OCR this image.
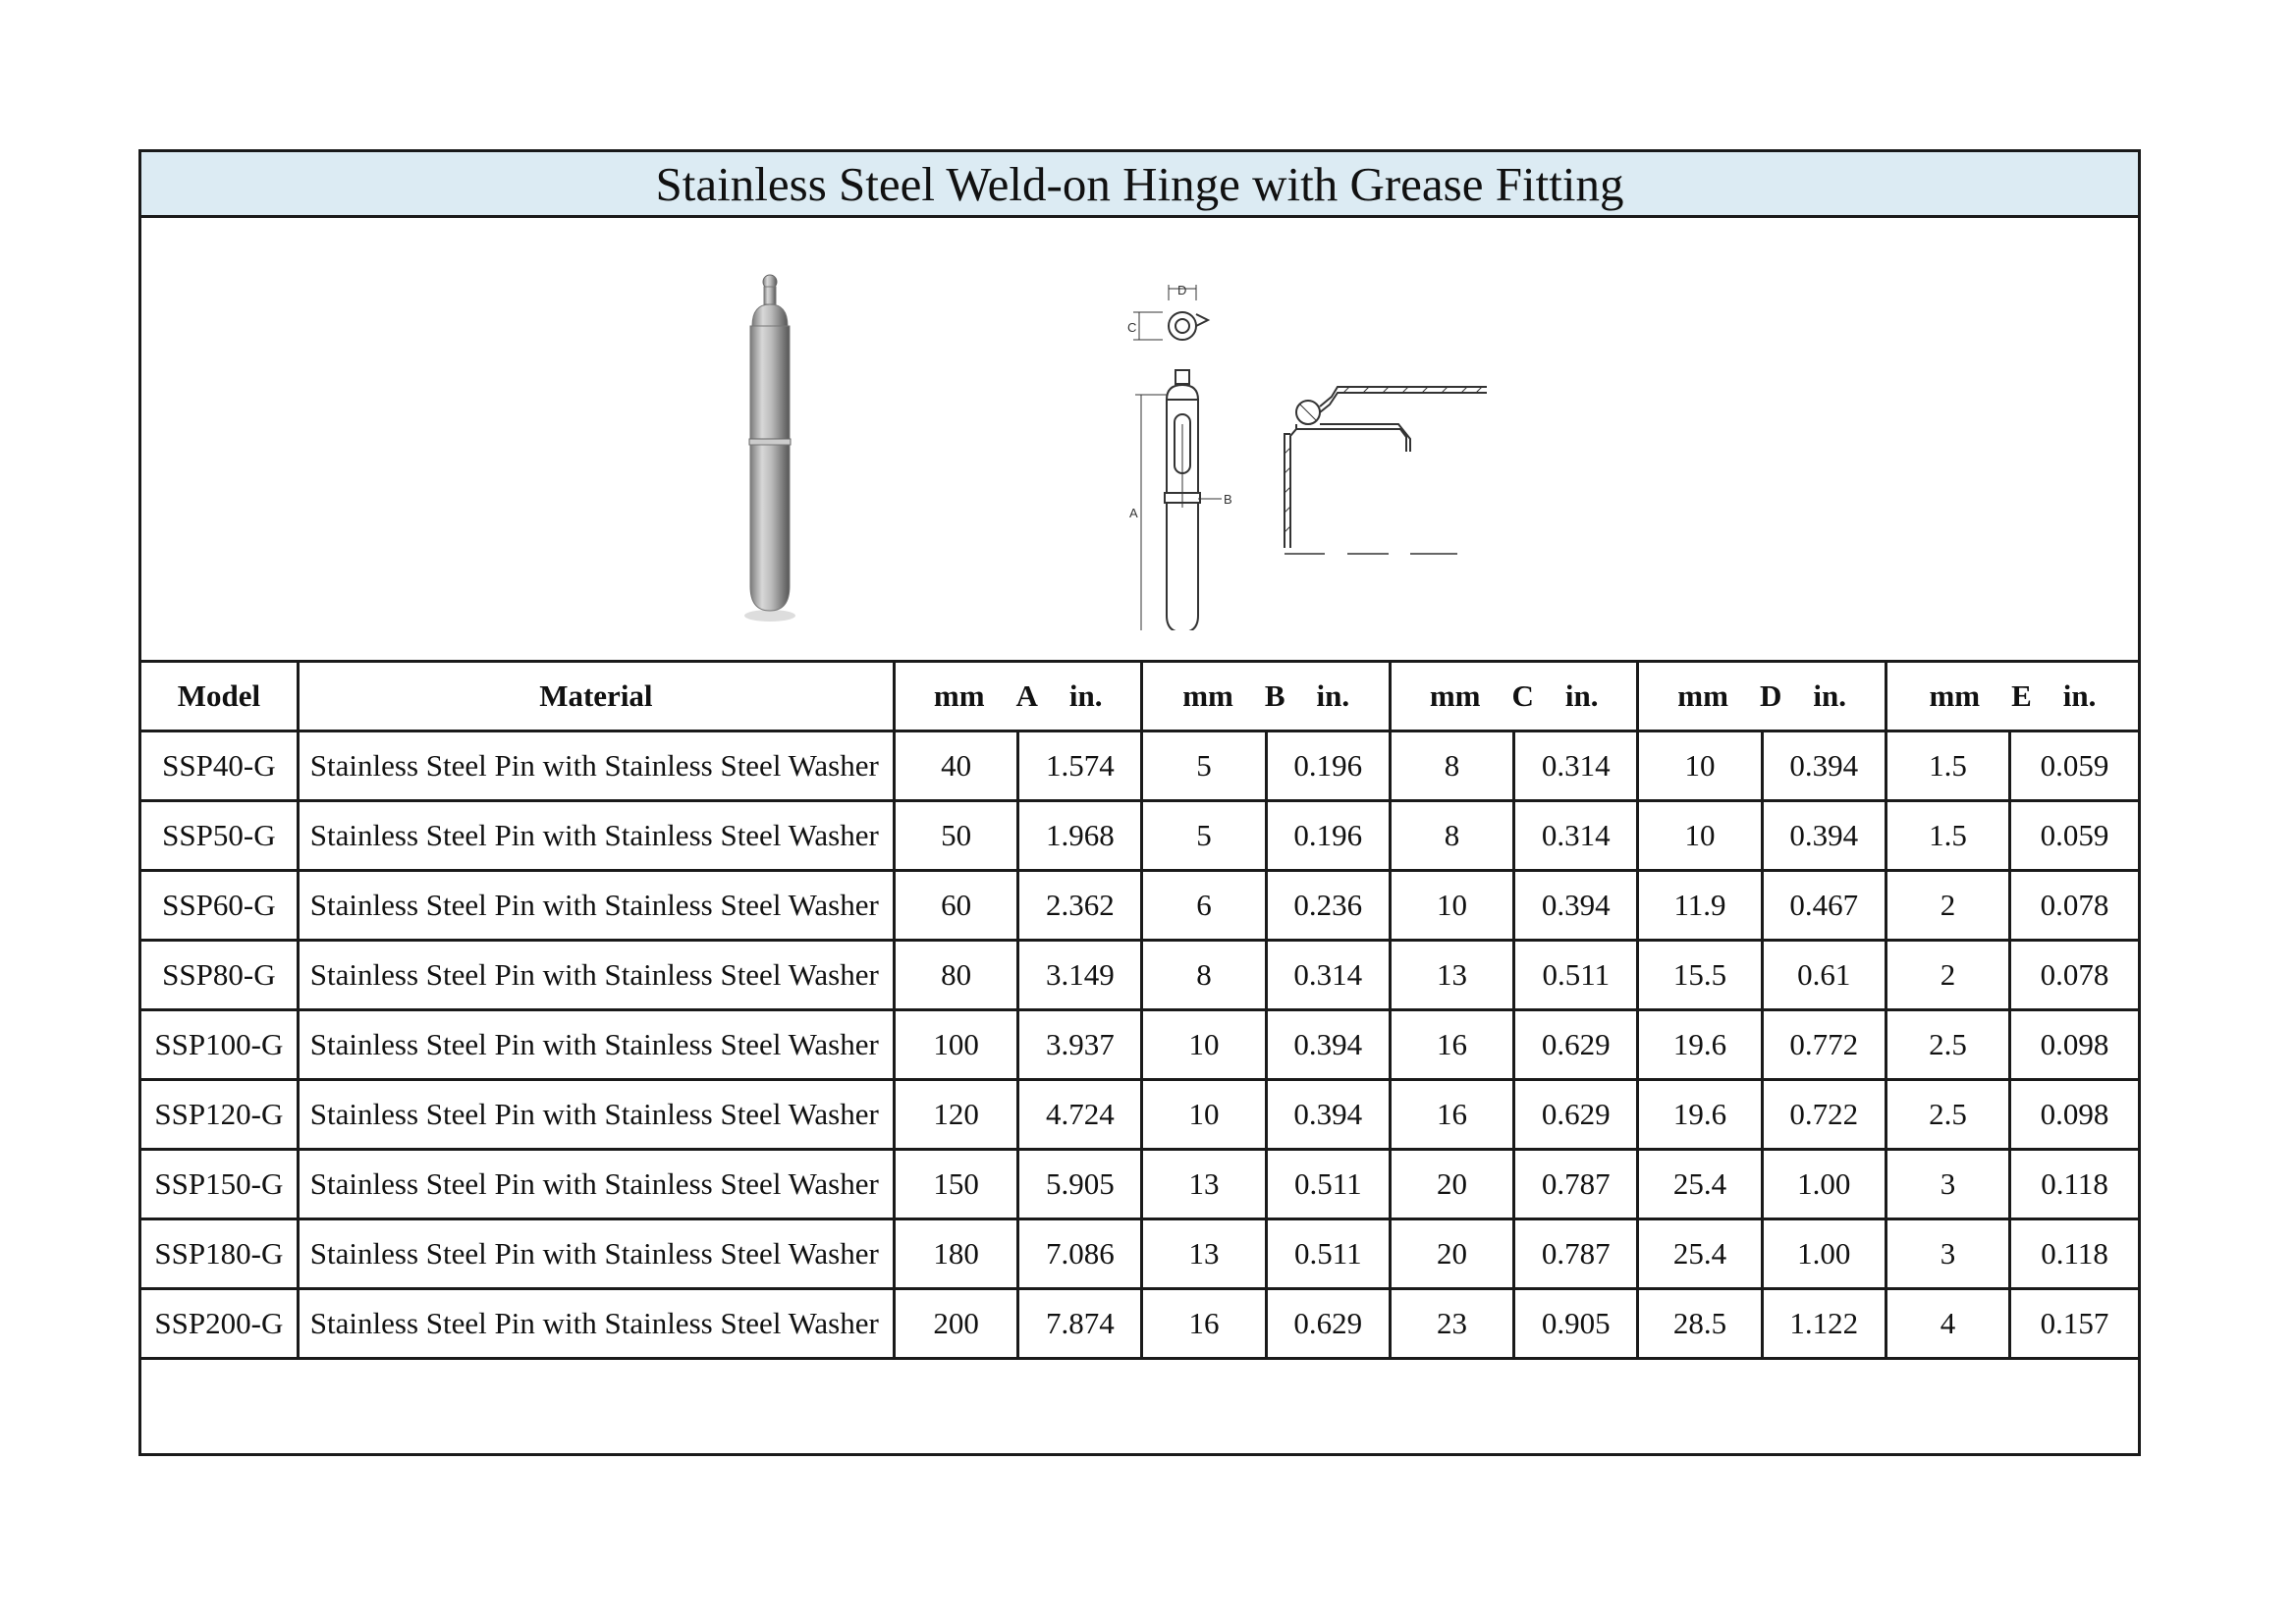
Stainless Steel Weld-on Hinge with Grease Fitting
D
C
A
B
Model	Material	mm A in.		mm B in.		mm C in.		mm D in.		mm E in.	

SSP40-G	Stainless Steel Pin with Stainless Steel Washer	40	1.574	5	0.196	8	0.314	10	0.394	1.5	0.059
SSP50-G	Stainless Steel Pin with Stainless Steel Washer	50	1.968	5	0.196	8	0.314	10	0.394	1.5	0.059
SSP60-G	Stainless Steel Pin with Stainless Steel Washer	60	2.362	6	0.236	10	0.394	11.9	0.467	2	0.078
SSP80-G	Stainless Steel Pin with Stainless Steel Washer	80	3.149	8	0.314	13	0.511	15.5	0.61	2	0.078
SSP100-G	Stainless Steel Pin with Stainless Steel Washer	100	3.937	10	0.394	16	0.629	19.6	0.772	2.5	0.098
SSP120-G	Stainless Steel Pin with Stainless Steel Washer	120	4.724	10	0.394	16	0.629	19.6	0.722	2.5	0.098
SSP150-G	Stainless Steel Pin with Stainless Steel Washer	150	5.905	13	0.511	20	0.787	25.4	1.00	3	0.118
SSP180-G	Stainless Steel Pin with Stainless Steel Washer	180	7.086	13	0.511	20	0.787	25.4	1.00	3	0.118
SSP200-G	Stainless Steel Pin with Stainless Steel Washer	200	7.874	16	0.629	23	0.905	28.5	1.122	4	0.157
